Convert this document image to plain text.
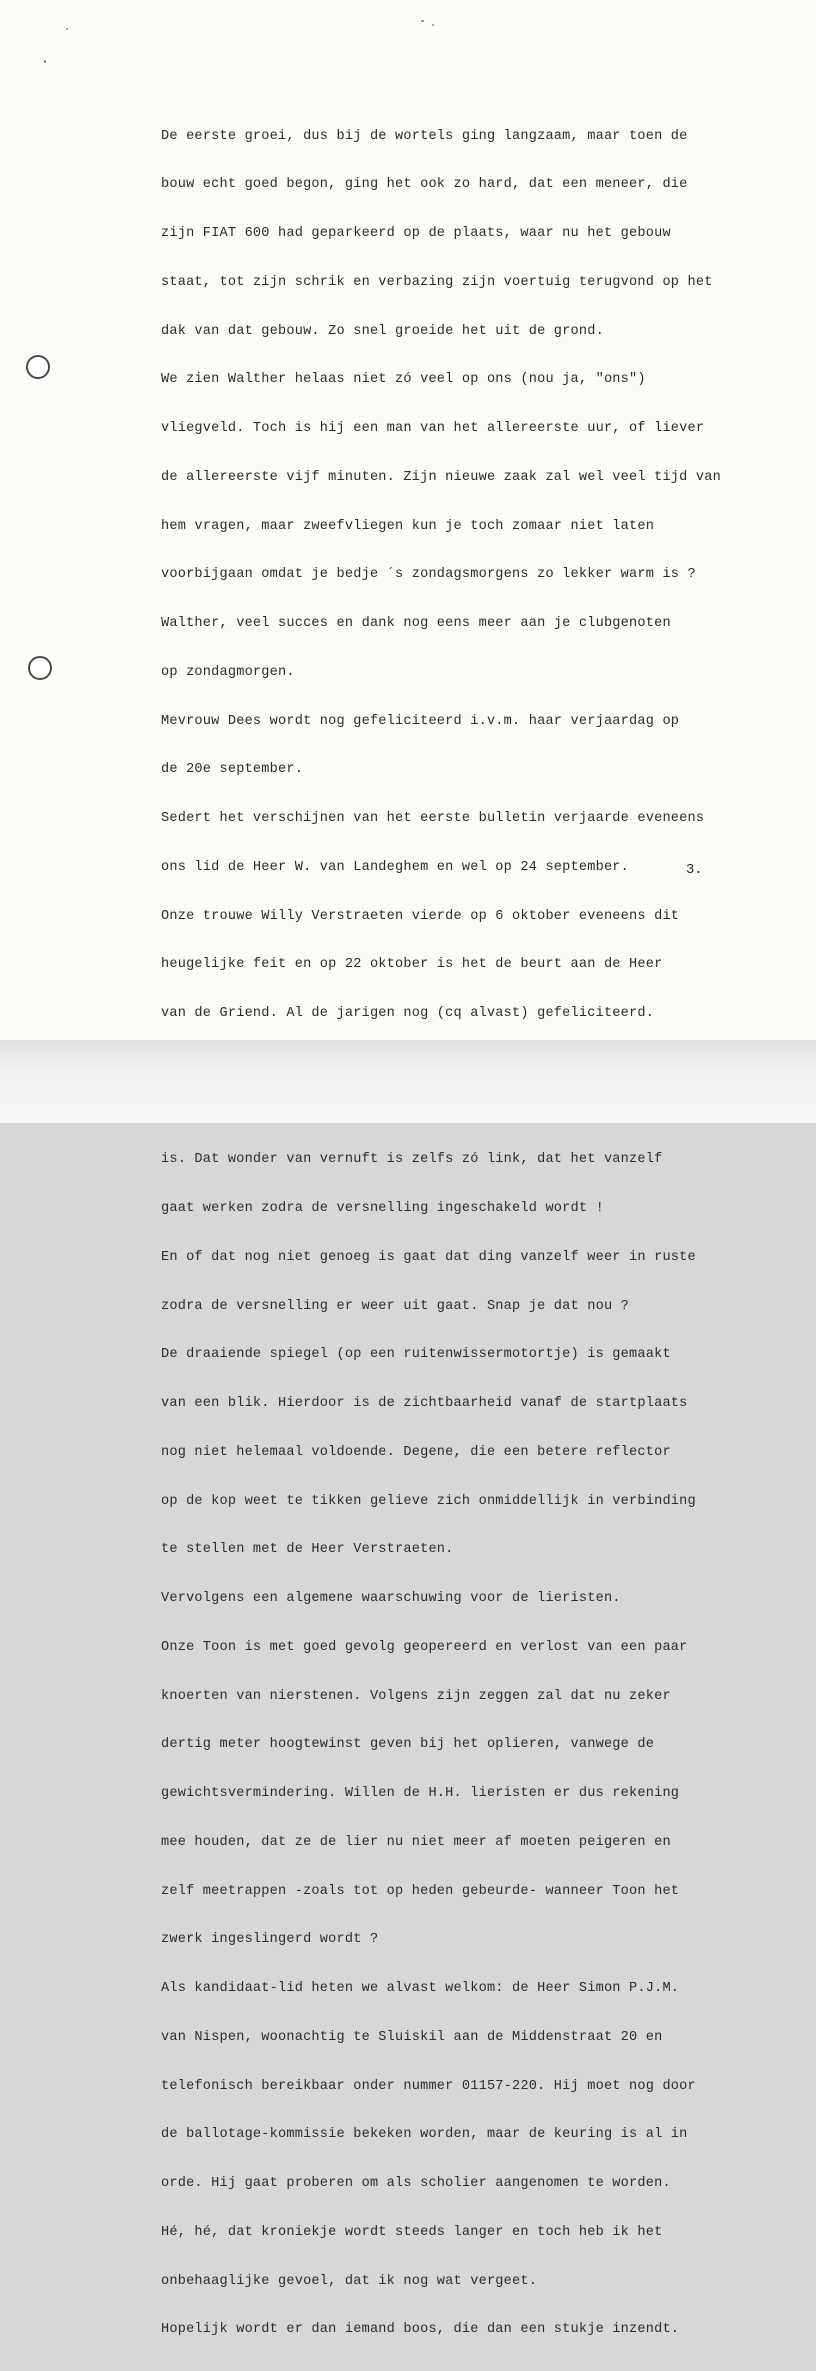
De eerste groei, dus bij de wortels ging langzaam, maar toen de

bouw echt goed begon, ging het ook zo hard, dat een meneer, die

zijn FIAT 600 had geparkeerd op de plaats, waar nu het gebouw

staat, tot zijn schrik en verbazing zijn voertuig terugvond op het

dak van dat gebouw. Zo snel groeide het uit de grond.

We zien Walther helaas niet zó veel op ons (nou ja, "ons")

vliegveld. Toch is hij een man van het allereerste uur, of liever

de allereerste vijf minuten. Zijn nieuwe zaak zal wel veel tijd van

hem vragen, maar zweefvliegen kun je toch zomaar niet laten

voorbijgaan omdat je bedje ´s zondagsmorgens zo lekker warm is ?

Walther, veel succes en dank nog eens meer aan je clubgenoten

op zondagmorgen.

Mevrouw Dees wordt nog gefeliciteerd i.v.m. haar verjaardag op

de 20e september.

Sedert het verschijnen van het eerste bulletin verjaarde eveneens

ons lid de Heer W. van Landeghem en wel op 24 september.

Onze trouwe Willy Verstraeten vierde op 6 oktober eveneens dit

heugelijke feit en op 22 oktober is het de beurt aan de Heer

van de Griend. Al de jarigen nog (cq alvast) gefeliciteerd.

is. Dat wonder van vernuft is zelfs zó link, dat het vanzelf

gaat werken zodra de versnelling ingeschakeld wordt !

En of dat nog niet genoeg is gaat dat ding vanzelf weer in ruste

zodra de versnelling er weer uit gaat. Snap je dat nou ?

De draaiende spiegel (op een ruitenwissermotortje) is gemaakt

van een blik. Hierdoor is de zichtbaarheid vanaf de startplaats

nog niet helemaal voldoende. Degene, die een betere reflector

op de kop weet te tikken gelieve zich onmiddellijk in verbinding

te stellen met de Heer Verstraeten.

Vervolgens een algemene waarschuwing voor de lieristen.

Onze Toon is met goed gevolg geopereerd en verlost van een paar

knoerten van nierstenen. Volgens zijn zeggen zal dat nu zeker

dertig meter hoogtewinst geven bij het oplieren, vanwege de

gewichtsvermindering. Willen de H.H. lieristen er dus rekening

mee houden, dat ze de lier nu niet meer af moeten peigeren en

zelf meetrappen -zoals tot op heden gebeurde- wanneer Toon het

zwerk ingeslingerd wordt ?

Als kandidaat-lid heten we alvast welkom: de Heer Simon P.J.M.

van Nispen, woonachtig te Sluiskil aan de Middenstraat 20 en

telefonisch bereikbaar onder nummer 01157-220. Hij moet nog door

de ballotage-kommissie bekeken worden, maar de keuring is al in

orde. Hij gaat proberen om als scholier aangenomen te worden.

Hé, hé, dat kroniekje wordt steeds langer en toch heb ik het

onbehaaglijke gevoel, dat ik nog wat vergeet.

Hopelijk wordt er dan iemand boos, die dan een stukje inzendt.

3.
